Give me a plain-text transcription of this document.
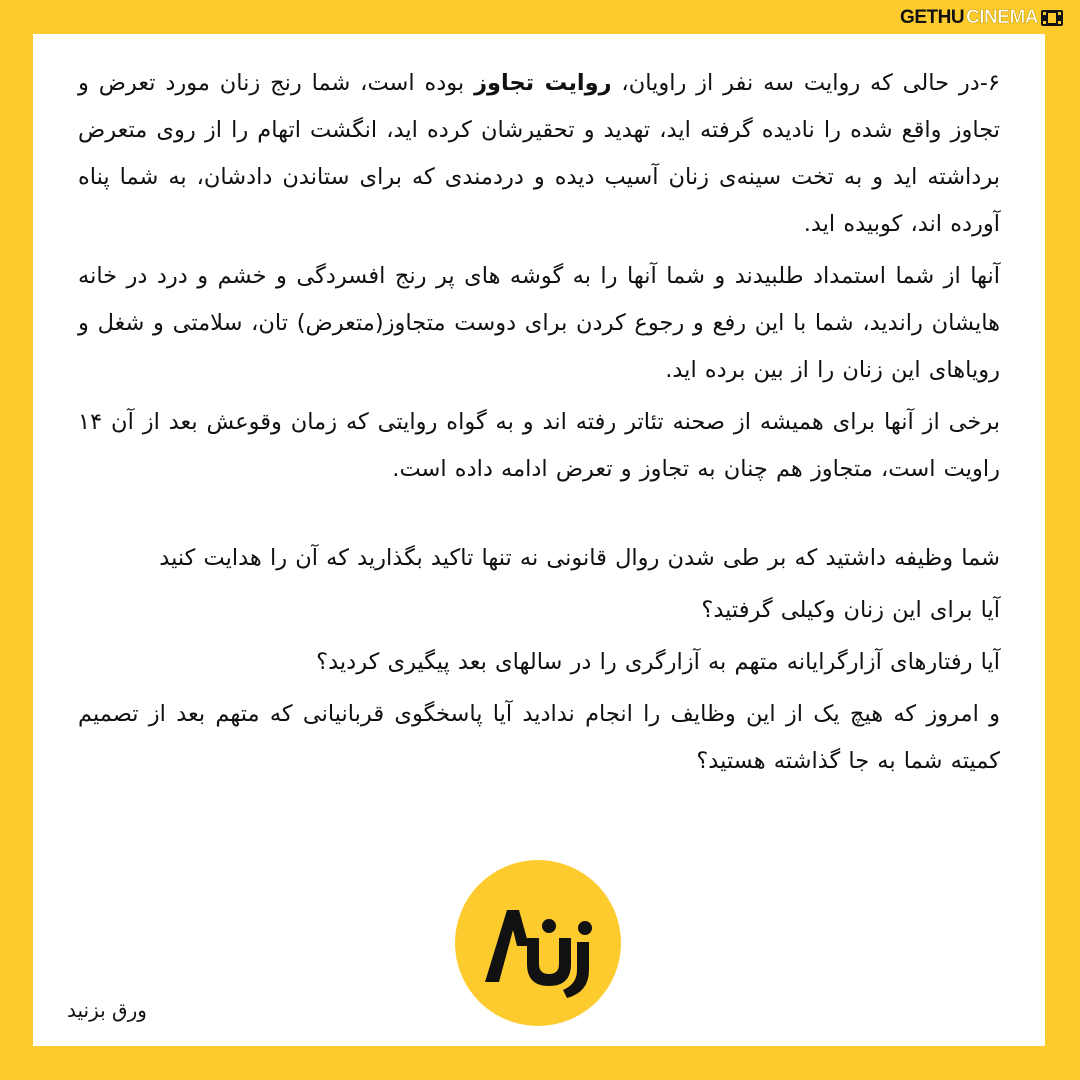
GETHU CINEMA

۶-در حالی که روایت سه نفر از راویان، روایت تجاوز بوده است، شما رنج زنان مورد تعرض و تجاوز واقع شده را نادیده گرفته اید، تهدید و تحقیرشان کرده اید، انگشت اتهام را از روی متعرض برداشته اید و به تخت سینه‌ی زنان آسیب دیده و دردمندی که برای ستاندن دادشان، به شما پناه آورده اند، کوبیده اید.

آنها از شما استمداد طلبیدند و شما آنها را به گوشه های پر رنج افسردگی و خشم و درد در خانه هایشان راندید، شما با این رفع و رجوع کردن برای دوست متجاوز(متعرض) تان، سلامتی و شغل و رویاهای این زنان را از بین برده اید.

برخی از آنها برای همیشه از صحنه تئاتر رفته اند و به گواه روایتی که زمان وقوعش بعد از آن ۱۴ راویت است، متجاوز هم چنان به تجاوز و تعرض ادامه داده است.

شما وظیفه داشتید که بر طی شدن روال قانونی نه تنها تاکید بگذارید که آن را هدایت کنید

آیا برای این زنان وکیلی گرفتید؟

آیا رفتارهای آزارگرایانه متهم به آزارگری را در سالهای بعد پیگیری کردید؟

و امروز که هیچ یک از این وظایف را انجام ندادید آیا پاسخگوی قربانیانی که متهم بعد از تصمیم کمیته شما به جا گذاشته هستید؟

ورق بزنید
